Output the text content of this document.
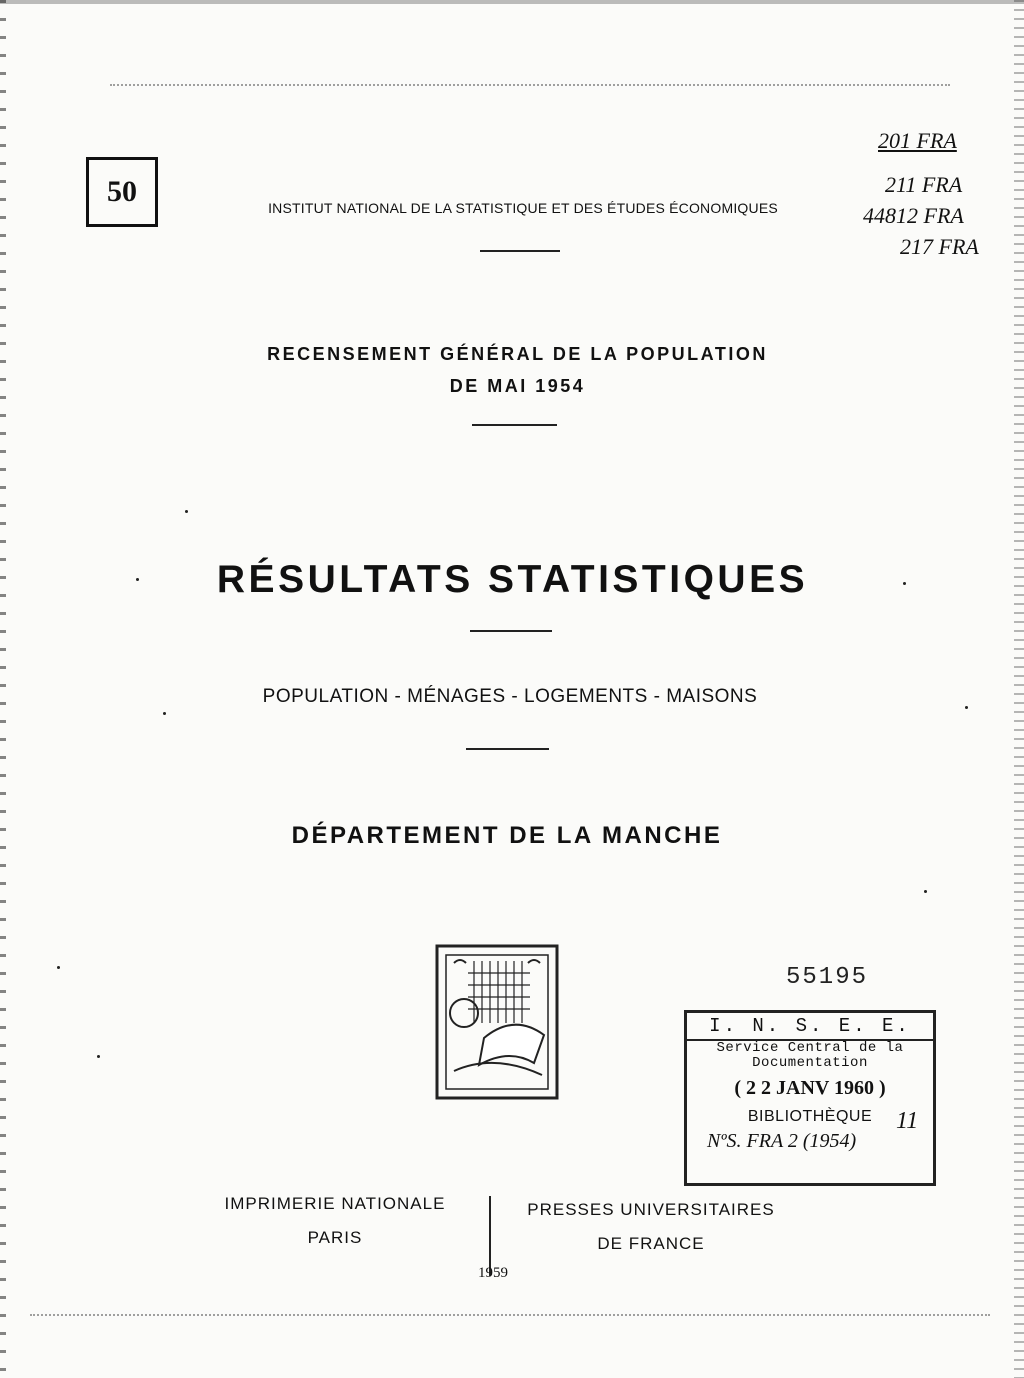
50	INSTITUT NATIONAL DE LA STATISTIQUE ET DES ÉTUDES ÉCONOMIQUES
201 FRA
211 FRA
44812 FRA
217 FRA
RECENSEMENT GÉNÉRAL DE LA POPULATION
DE MAI 1954
RÉSULTATS STATISTIQUES
POPULATION - MÉNAGES - LOGEMENTS - MAISONS
DÉPARTEMENT DE LA MANCHE
55195
I. N. S. E. E.
Service Central de la
Documentation
( 2 2 JANV 1960 )
BIBLIOTHÈQUE
NºS. FRA 2 (1954)
11
IMPRIMERIE NATIONALE
PARIS
PRESSES UNIVERSITAIRES
DE FRANCE
1959
